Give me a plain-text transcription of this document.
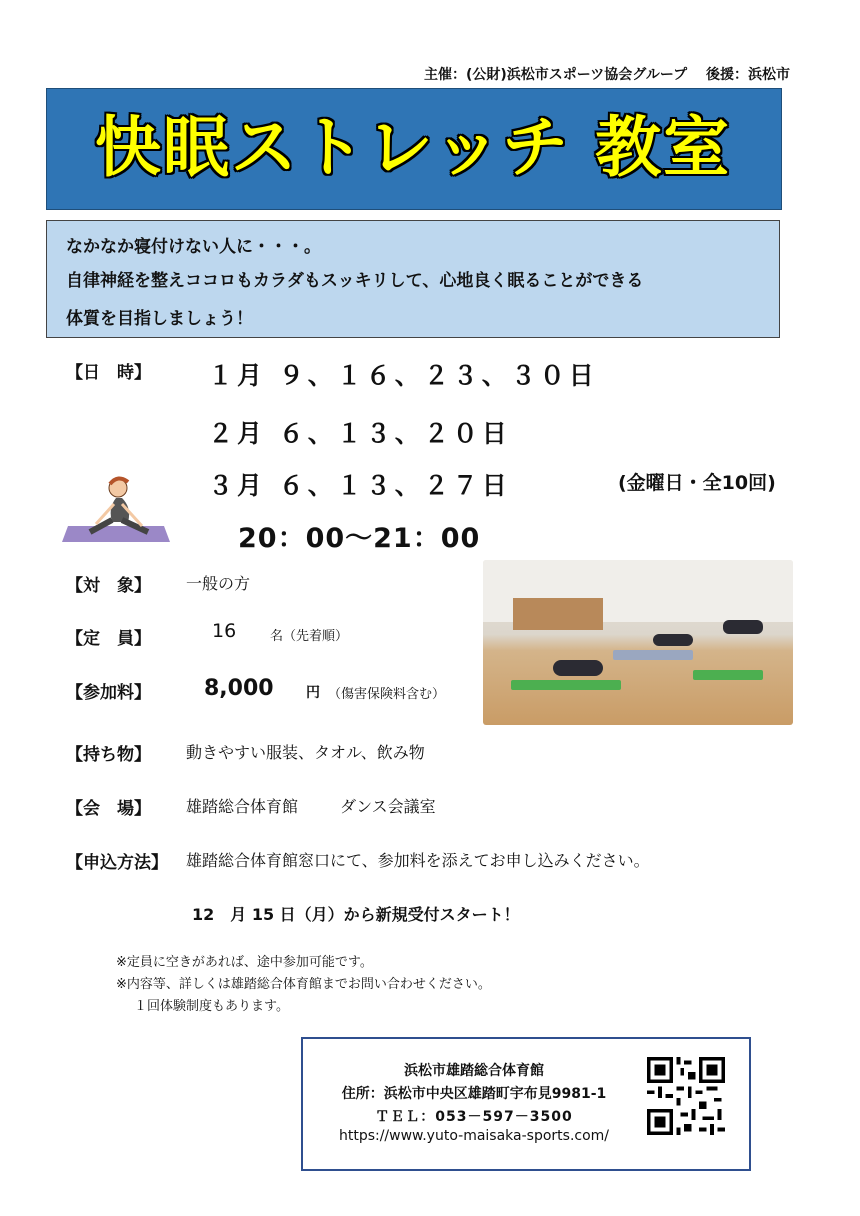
主催：(公財)浜松市スポーツ協会グループ　 後援：浜松市
快眠ストレッチ 教室
なかなか寝付けない人に・・・。
自律神経を整えココロもカラダもスッキリして、心地良く眠ることができる
体質を目指しましょう！
【日　時】 １月 ９、１６、２３、３０日
２月 ６、１３、２０日
３月 ６、１３、２７日	(金曜日・全10回)
20：00～21：00
【対　象】 一般の方
【定　員】	16	名（先着順）
【参加料】 8,000 円 （傷害保険料含む）
【持ち物】 動きやすい服装、タオル、飲み物
【会　場】 雄踏総合体育館	ダンス会議室
【申込方法】 雄踏総合体育館窓口にて、参加料を添えてお申し込みください。
12　月 15 日（月）から新規受付スタート！
※定員に空きがあれば、途中参加可能です。
※内容等、詳しくは雄踏総合体育館までお問い合わせください。
１回体験制度もあります。
浜松市雄踏総合体育館
住所：浜松市中央区雄踏町宇布見9981-1
ＴＥＬ：053－597－3500
https://www.yuto-maisaka-sports.com/
